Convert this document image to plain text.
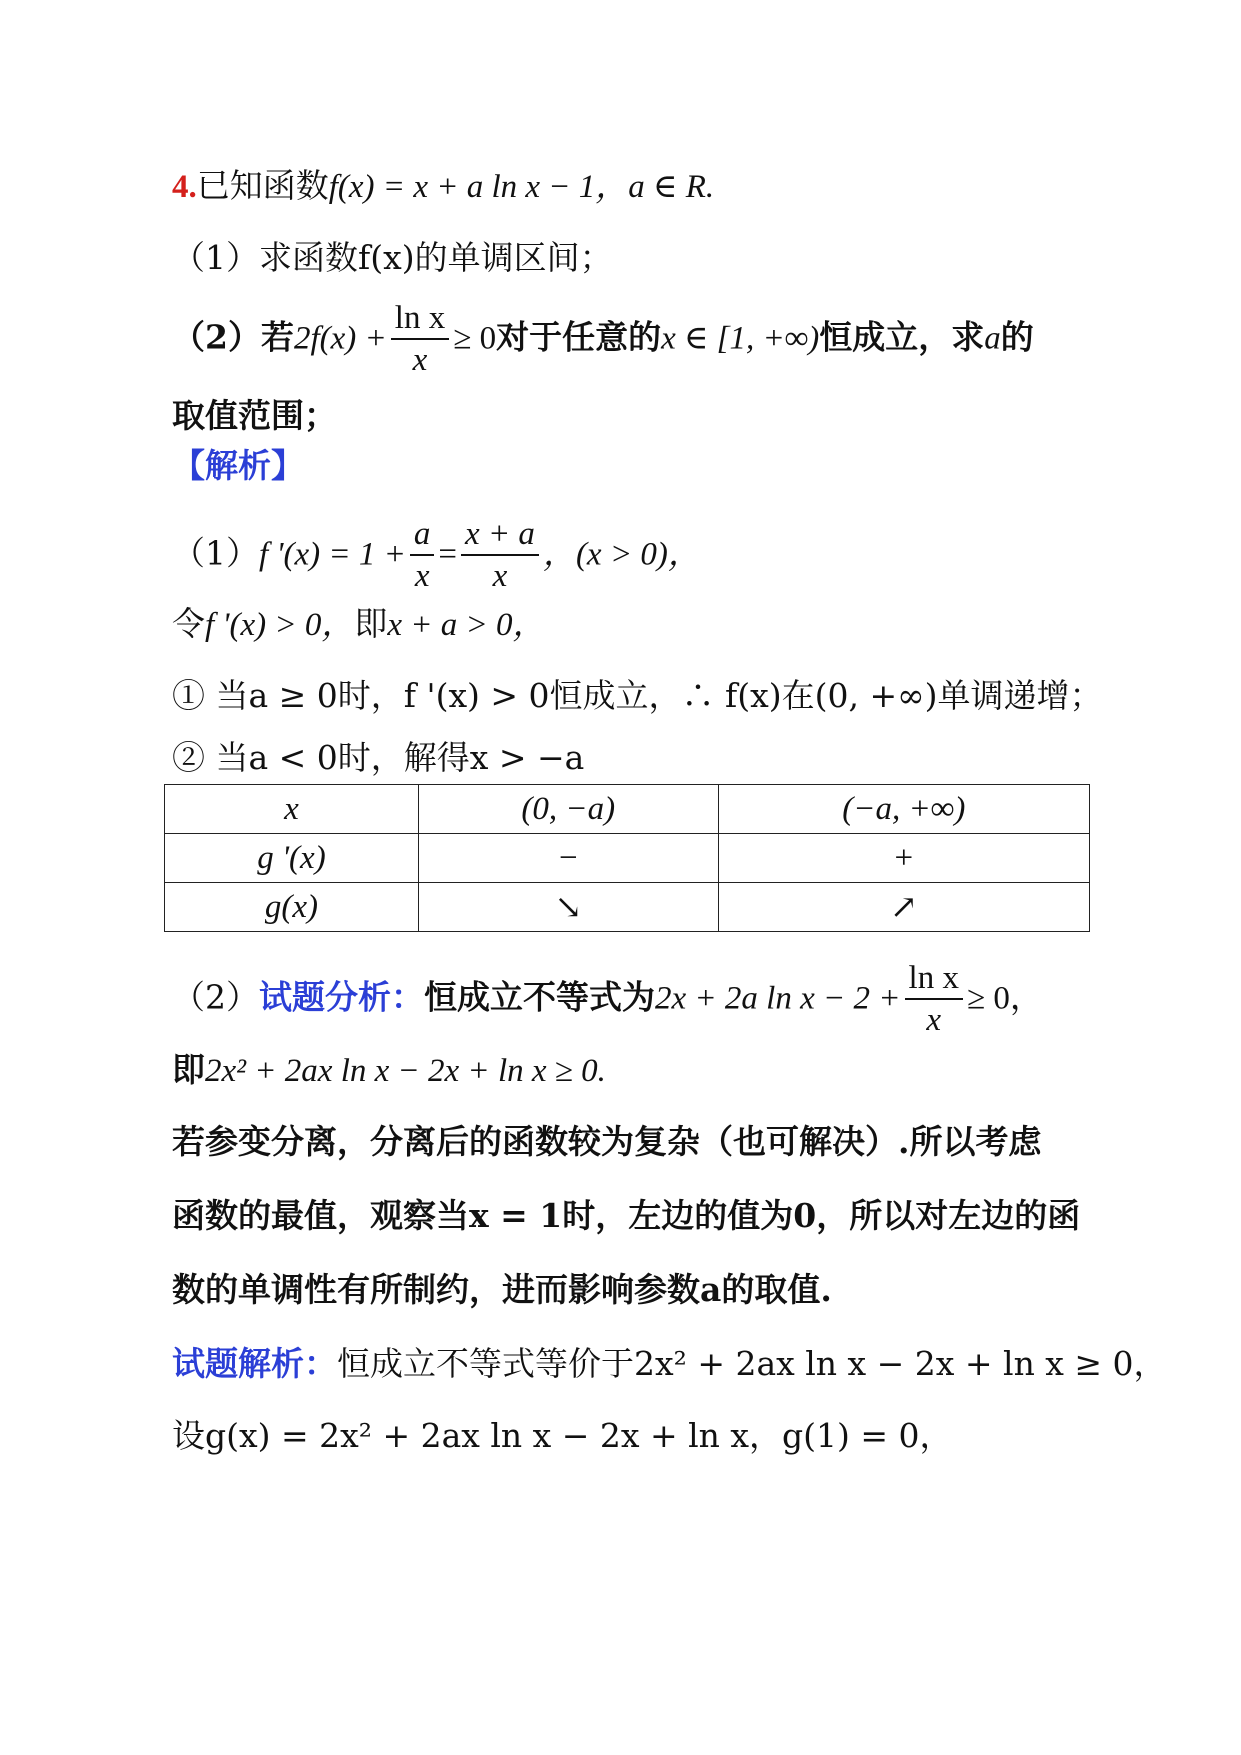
4.已知函数f(x) = x + a ln x − 1，a ∈ R.
（1）求函数f(x)的单调区间；
（2）若$2f(x) + \frac{\text{ln x}}{x} \ge 0$对于任意的x ∈ [1, +∞)恒成立，求a的
取值范围；
【解析】
（1）f '$(x) = 1 + \frac{a}{x} = \frac{x + a}{x}$ ，(x > 0)，
令f '(x) > 0，即x + a > 0，
① 当a ≥ 0时，f '(x) > 0恒成立，∴ f(x)在(0, +∞)单调递增；
② 当a < 0时，解得x > −a
x	(0, −a)	(−a, +∞)
g '(x)	−	+
g(x)	↘	↗
（2）试题分析：恒成立不等式为2x + 2a $\ln x - 2 + \frac{\text{ln x}}{x} \ge 0$，
即2x² + 2ax ln x − 2x + ln x ≥ 0.
若参变分离，分离后的函数较为复杂（也可解决）.所以考虑
函数的最值，观察当x = 1时，左边的值为0，所以对左边的函
数的单调性有所制约，进而影响参数a的取值.
试题解析：恒成立不等式等价于2x² + 2ax ln x − 2x + ln x ≥ 0，
设g(x) = 2x² + 2ax ln x − 2x + ln x，g(1) = 0，
